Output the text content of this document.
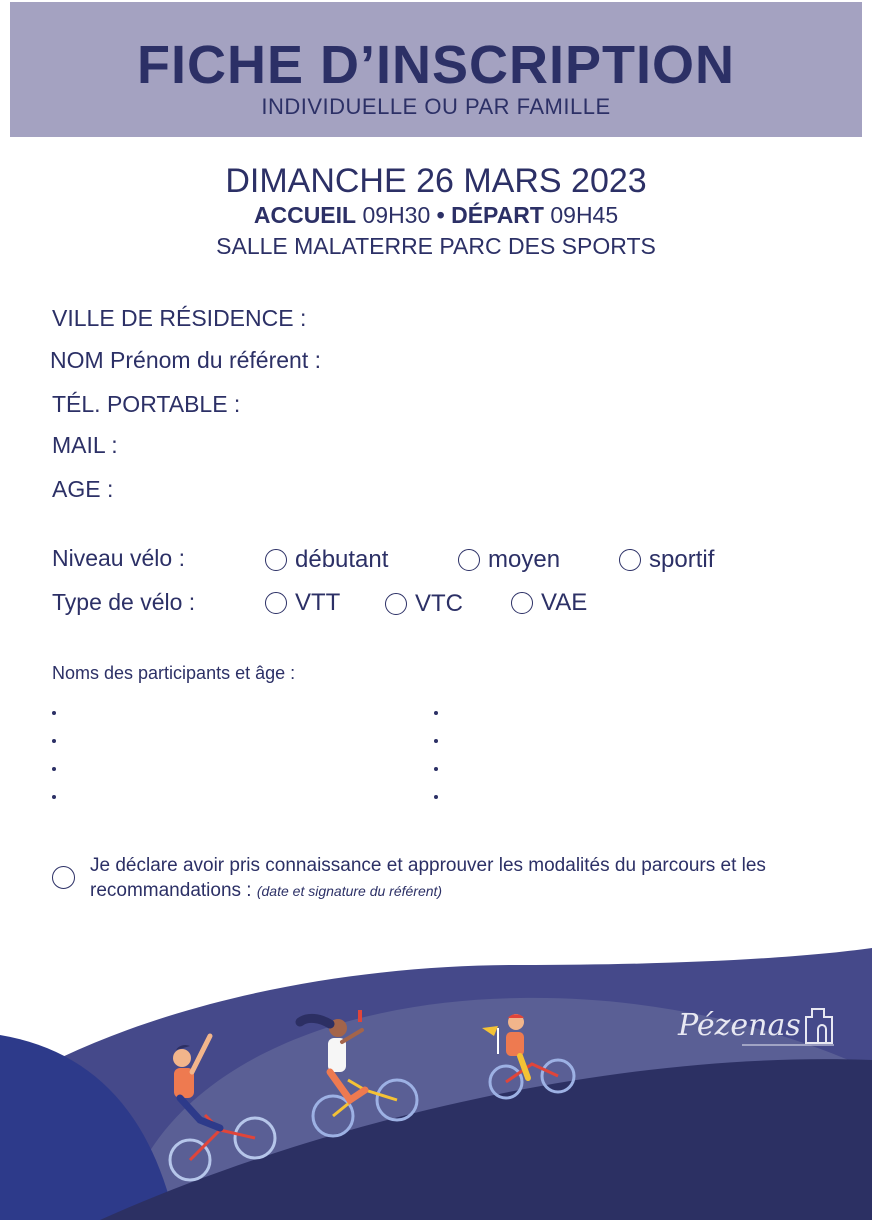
FICHE D’INSCRIPTION
INDIVIDUELLE OU PAR FAMILLE
DIMANCHE 26 MARS 2023
ACCUEIL 09H30 • DÉPART 09H45
SALLE MALATERRE PARC DES SPORTS
VILLE DE RÉSIDENCE :
NOM Prénom du référent :
TÉL. PORTABLE :
MAIL :
AGE :
Niveau vélo :	débutant	moyen	sportif
Type de vélo :	VTT	VTC	VAE
Noms des participants et âge :
Je déclare avoir pris connaissance et approuver les modalités du parcours et les recommandations : (date et signature du référent)
Pézenas
